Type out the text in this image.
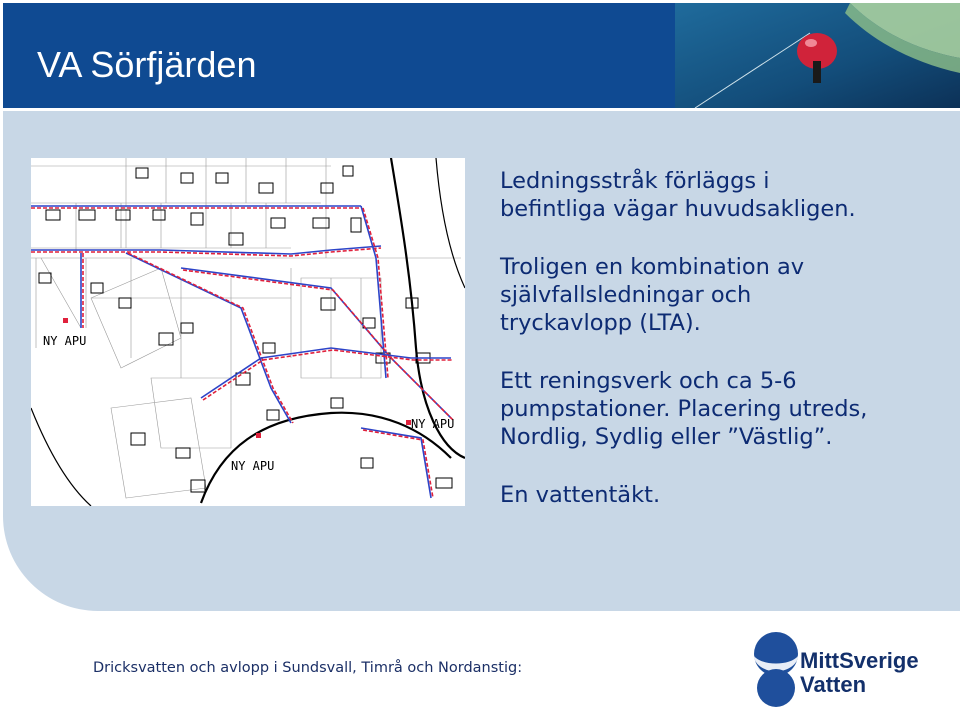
VA Sörfjärden
NY APU
NY APU
NY APU

Ledningsstråk förläggs i
befintliga vägar huvudsakligen.

Troligen en kombination av
självfallsledningar och
tryckavlopp (LTA).

Ett reningsverk och ca 5-6
pumpstationer. Placering utreds,
Nordlig, Sydlig eller ”Västlig”.

En vattentäkt.

Dricksvatten och avlopp i Sundsvall, Timrå och Nordanstig:	MittSverige
Vatten
